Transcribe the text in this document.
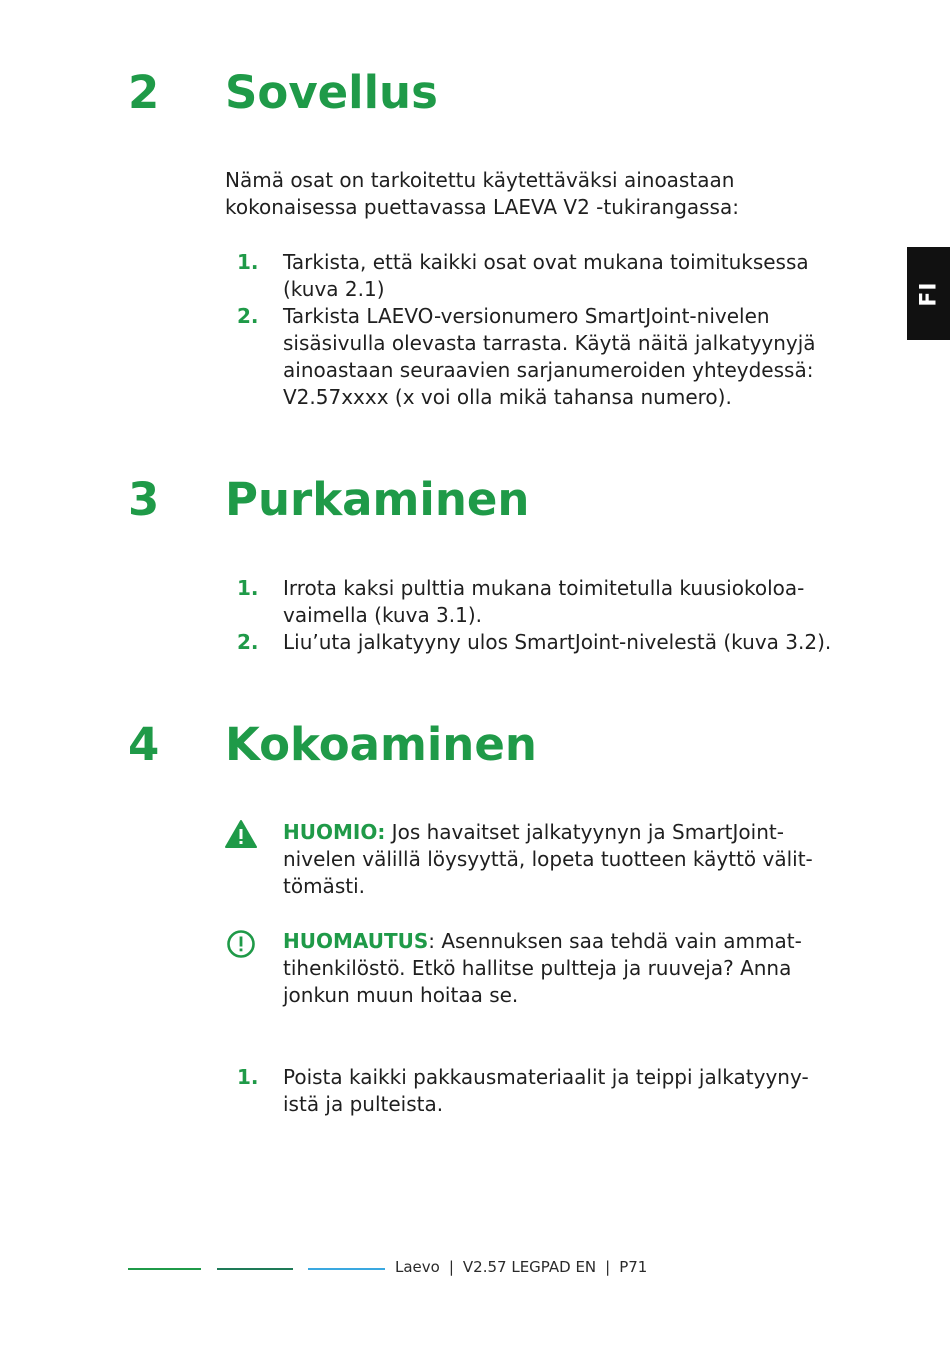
FI
2 Sovellus
Nämä osat on tarkoitettu käytettäväksi ainoastaan kokonaisessa puettavassa LAEVA V2 -tukirangassa:
1. Tarkista, että kaikki osat ovat mukana toimituksessa (kuva 2.1)
2. Tarkista LAEVO-versionumero SmartJoint-nivelen sisäsivulla olevasta tarrasta. Käytä näitä jalkatyynyjä ainoastaan seuraavien sarjanumeroiden yhteydessä: V2.57xxxx (x voi olla mikä tahansa numero).
3 Purkaminen
1. Irrota kaksi pulttia mukana toimitetulla kuusiokoloa-vaimella (kuva 3.1).
2. Liu’uta jalkatyyny ulos SmartJoint-nivelestä (kuva 3.2).
4 Kokoaminen
HUOMIO: Jos havaitset jalkatyynyn ja SmartJoint-nivelen välillä löysyyttä, lopeta tuotteen käyttö välit-tömästi.
HUOMAUTUS: Asennuksen saa tehdä vain ammat-tihenkilöstö. Etkö hallitse pultteja ja ruuveja? Anna jonkun muun hoitaa se.
1. Poista kaikki pakkausmateriaalit ja teippi jalkatyyny-istä ja pulteista.
Laevo | V2.57 LEGPAD EN | P71
